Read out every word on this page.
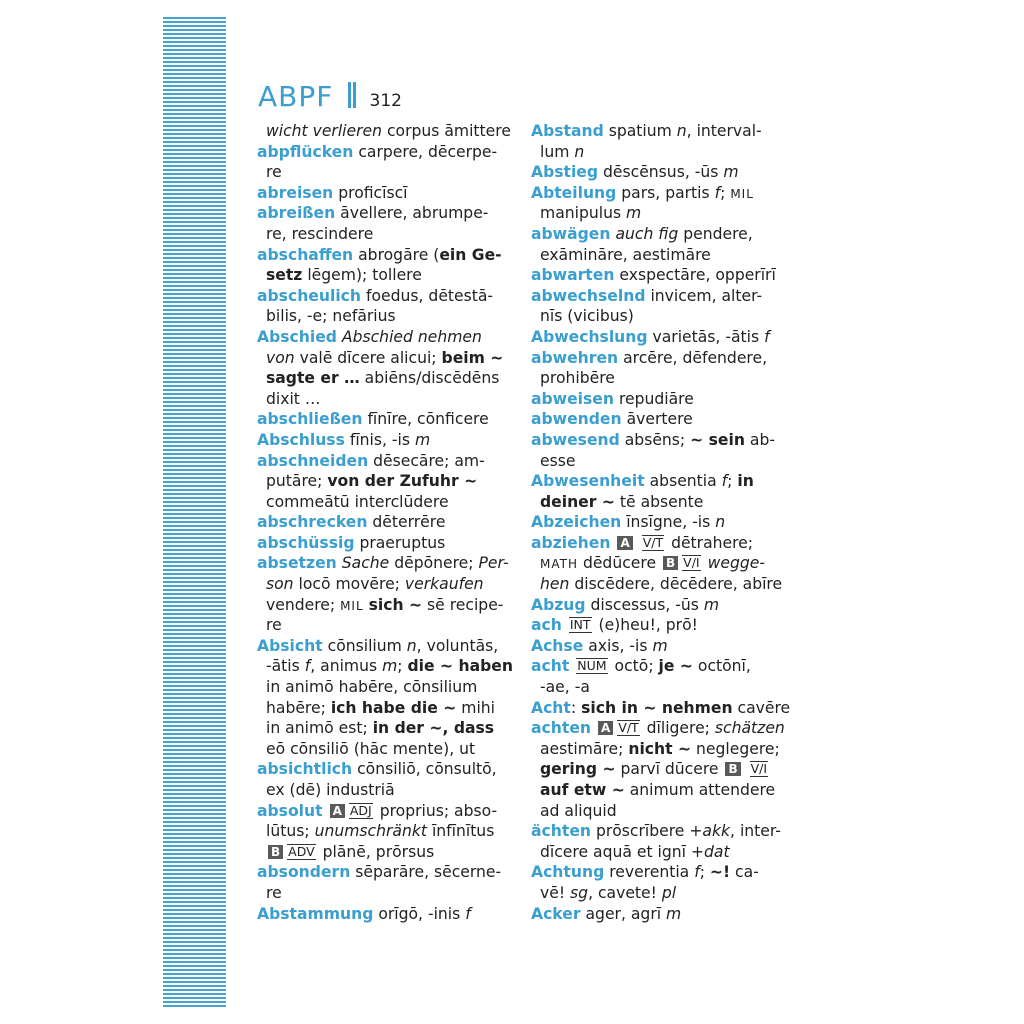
ABPF 312
wicht verlieren corpus āmittere
abpflücken carpere, dēcerpe-
re
abreisen proficīscī
abreißen āvellere, abrumpe-
re, rescindere
abschaffen abrogāre (ein Ge-
setz lēgem); tollere
abscheulich foedus, dētestā-
bilis, -e; nefārius
Abschied Abschied nehmen
von valē dīcere alicui; beim ~
sagte er … abiēns/discēdēns
dixit …
abschließen fīnīre, cōnficere
Abschluss fīnis, -is m
abschneiden dēsecāre; am-
putāre; von der Zufuhr ~
commeātū interclūdere
abschrecken dēterrēre
abschüssig praeruptus
absetzen Sache dēpōnere; Per-
son locō movēre; verkaufen
vendere; MIL sich ~ sē recipe-
re
Absicht cōnsilium n, voluntās,
-ātis f, animus m; die ~ haben
in animō habēre, cōnsilium
habēre; ich habe die ~ mihi
in animō est; in der ~, dass
eō cōnsiliō (hāc mente), ut
absichtlich cōnsiliō, cōnsultō,
ex (dē) industriā
absolut A ADJ proprius; abso-
lūtus; unumschränkt īnfīnītus
B ADV plānē, prōrsus
absondern sēparāre, sēcerne-
re
Abstammung orīgō, -inis f
Abstand spatium n, interval-
lum n
Abstieg dēscēnsus, -ūs m
Abteilung pars, partis f; MIL
manipulus m
abwägen auch fig pendere,
exāmināre, aestimāre
abwarten exspectāre, opperīrī
abwechselnd invicem, alter-
nīs (vicibus)
Abwechslung varietās, -ātis f
abwehren arcēre, dēfendere,
prohibēre
abweisen repudiāre
abwenden āvertere
abwesend absēns; ~ sein ab-
esse
Abwesenheit absentia f; in
deiner ~ tē absente
Abzeichen īnsīgne, -is n
abziehen A V/T dētrahere;
MATH dēdūcere B V/I wegge-
hen discēdere, dēcēdere, abīre
Abzug discessus, -ūs m
ach INT (e)heu!, prō!
Achse axis, -is m
acht NUM octō; je ~ octōnī,
-ae, -a
Acht: sich in ~ nehmen cavēre
achten A V/T dīligere; schätzen
aestimāre; nicht ~ neglegere;
gering ~ parvī dūcere B V/I
auf etw ~ animum attendere
ad aliquid
ächten prōscrībere +akk, inter-
dīcere aquā et ignī +dat
Achtung reverentia f; ~! ca-
vē! sg, cavete! pl
Acker ager, agrī m
